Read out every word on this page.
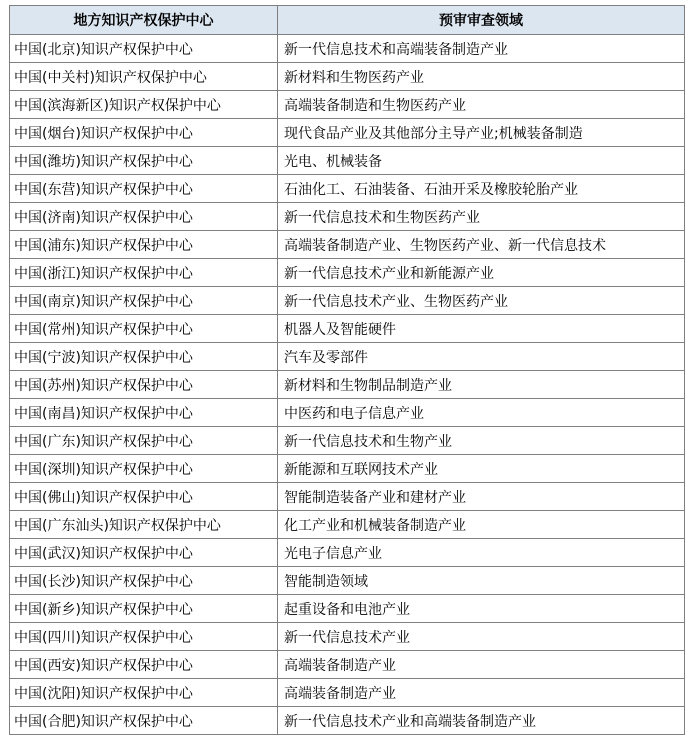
地方知识产权保护中心	预审审查领域
中国(北京)知识产权保护中心	新一代信息技术和高端装备制造产业
中国(中关村)知识产权保护中心	新材料和生物医药产业
中国(滨海新区)知识产权保护中心	高端装备制造和生物医药产业
中国(烟台)知识产权保护中心	现代食品产业及其他部分主导产业;机械装备制造
中国(潍坊)知识产权保护中心	光电、机械装备
中国(东营)知识产权保护中心	石油化工、石油装备、石油开采及橡胶轮胎产业
中国(济南)知识产权保护中心	新一代信息技术和生物医药产业
中国(浦东)知识产权保护中心	高端装备制造产业、生物医药产业、新一代信息技术
中国(浙江)知识产权保护中心	新一代信息技术产业和新能源产业
中国(南京)知识产权保护中心	新一代信息技术产业、生物医药产业
中国(常州)知识产权保护中心	机器人及智能硬件
中国(宁波)知识产权保护中心	汽车及零部件
中国(苏州)知识产权保护中心	新材料和生物制品制造产业
中国(南昌)知识产权保护中心	中医药和电子信息产业
中国(广东)知识产权保护中心	新一代信息技术和生物产业
中国(深圳)知识产权保护中心	新能源和互联网技术产业
中国(佛山)知识产权保护中心	智能制造装备产业和建材产业
中国(广东汕头)知识产权保护中心	化工产业和机械装备制造产业
中国(武汉)知识产权保护中心	光电子信息产业
中国(长沙)知识产权保护中心	智能制造领域
中国(新乡)知识产权保护中心	起重设备和电池产业
中国(四川)知识产权保护中心	新一代信息技术产业
中国(西安)知识产权保护中心	高端装备制造产业
中国(沈阳)知识产权保护中心	高端装备制造产业
中国(合肥)知识产权保护中心	新一代信息技术产业和高端装备制造产业
